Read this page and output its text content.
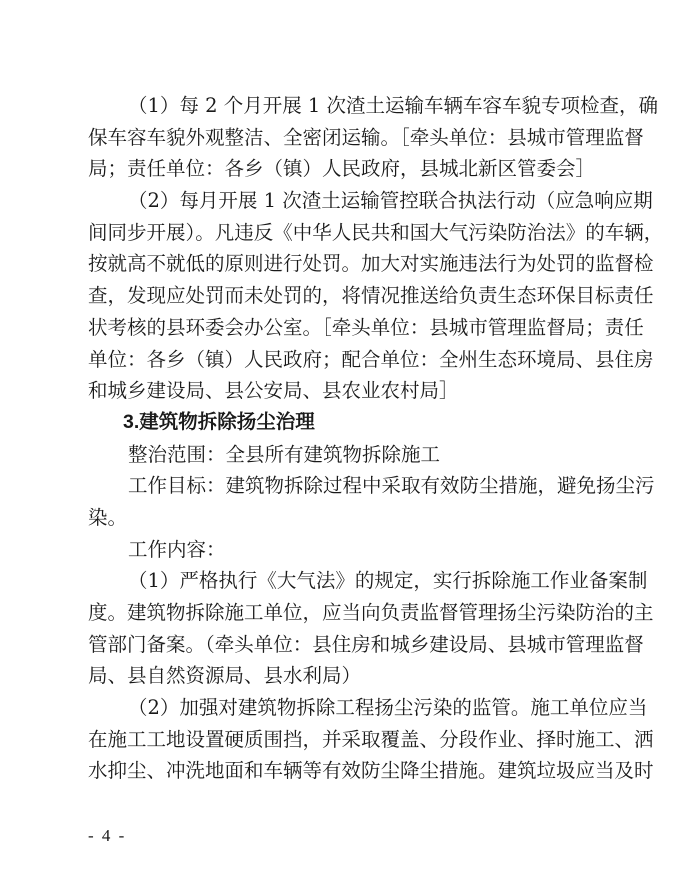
（1）每 2 个月开展 1 次渣土运输车辆车容车貌专项检查，确
保车容车貌外观整洁、全密闭运输。［牵头单位：县城市管理监督
局；责任单位：各乡（镇）人民政府，县城北新区管委会］
（2）每月开展 1 次渣土运输管控联合执法行动（应急响应期
间同步开展）。凡违反《中华人民共和国大气污染防治法》的车辆，
按就高不就低的原则进行处罚。加大对实施违法行为处罚的监督检
查，发现应处罚而未处罚的，将情况推送给负责生态环保目标责任
状考核的县环委会办公室。［牵头单位：县城市管理监督局；责任
单位：各乡（镇）人民政府；配合单位：全州生态环境局、县住房
和城乡建设局、县公安局、县农业农村局］
3.建筑物拆除扬尘治理
整治范围：全县所有建筑物拆除施工
工作目标：建筑物拆除过程中采取有效防尘措施，避免扬尘污
染。
工作内容：
（1）严格执行《大气法》的规定，实行拆除施工作业备案制
度。建筑物拆除施工单位，应当向负责监督管理扬尘污染防治的主
管部门备案。（牵头单位：县住房和城乡建设局、县城市管理监督
局、县自然资源局、县水利局）
（2）加强对建筑物拆除工程扬尘污染的监管。施工单位应当
在施工工地设置硬质围挡，并采取覆盖、分段作业、择时施工、洒
水抑尘、冲洗地面和车辆等有效防尘降尘措施。建筑垃圾应当及时
- 4 -
